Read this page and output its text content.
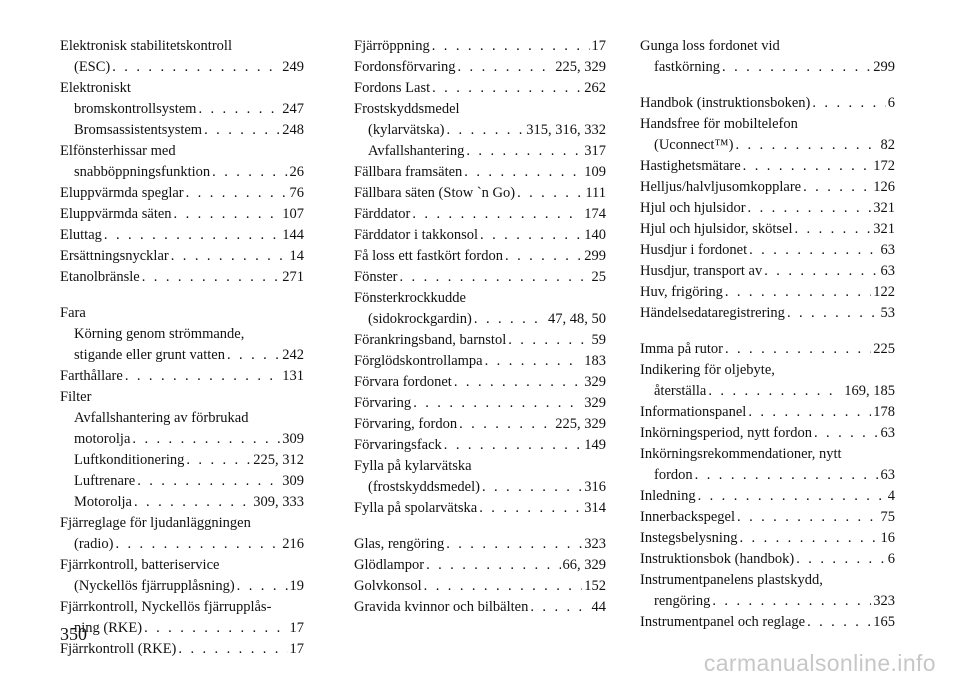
Elektronisk stabilitetskontroll
(ESC) . . .	249
Elektroniskt
bromskontrollsystem . . .	247
Bromsassistentsystem . . .	248
Elfönsterhissar med
snabböppningsfunktion . . .	26
Eluppvärmda speglar . . .	76
Eluppvärmda säten . . .	107
Eluttag . . .	144
Ersättningsnycklar . . .	14
Etanolbränsle . . .	271
Fara
Körning genom strömmande,
stigande eller grunt vatten . . .	242
Farthållare . . .	131
Filter
Avfallshantering av förbrukad
motorolja . . .	309
Luftkonditionering . . .	225, 312
Luftrenare . . .	309
Motorolja . . .	309, 333
Fjärreglage för ljudanläggningen
(radio) . . .	216
Fjärrkontroll, batteriservice
(Nyckellös fjärrupplåsning) . . .	19
Fjärrkontroll, Nyckellös fjärrupplås-
ning (RKE) . . .	17
Fjärrkontroll (RKE) . . .	17
Fjärröppning . . .	17
Fordonsförvaring . . .	225, 329
Fordons Last . . .	262
Frostskyddsmedel
(kylarvätska) . . .	315, 316, 332
Avfallshantering . . .	317
Fällbara framsäten . . .	109
Fällbara säten (Stow `n Go) . . .	111
Färddator . . .	174
Färddator i takkonsol . . .	140
Få loss ett fastkört fordon . . .	299
Fönster . . .	25
Fönsterkrockkudde
(sidokrockgardin) . . .	47, 48, 50
Förankringsband, barnstol . . .	59
Förglödskontrollampa . . .	183
Förvara fordonet . . .	329
Förvaring . . .	329
Förvaring, fordon . . .	225, 329
Förvaringsfack . . .	149
Fylla på kylarvätska
(frostskyddsmedel) . . .	316
Fylla på spolarvätska . . .	314
Glas, rengöring . . .	323
Glödlampor . . .	66, 329
Golvkonsol . . .	152
Gravida kvinnor och bilbälten . . .	44
Gunga loss fordonet vid
fastkörning . . .	299
Handbok (instruktionsboken) . . .	6
Handsfree för mobiltelefon
(Uconnect™) . . .	82
Hastighetsmätare . . .	172
Helljus/halvljusomkopplare . . .	126
Hjul och hjulsidor . . .	321
Hjul och hjulsidor, skötsel . . .	321
Husdjur i fordonet . . .	63
Husdjur, transport av . . .	63
Huv, frigöring . . .	122
Händelsedataregistrering . . .	53
Imma på rutor . . .	225
Indikering för oljebyte,
återställa . . .	169, 185
Informationspanel . . .	178
Inkörningsperiod, nytt fordon . . .	63
Inkörningsrekommendationer, nytt
fordon . . .	63
Inledning . . .	4
Innerbackspegel . . .	75
Instegsbelysning . . .	16
Instruktionsbok (handbok) . . .	6
Instrumentpanelens plastskydd,
rengöring . . .	323
Instrumentpanel och reglage . . .	165
350
carmanualsonline.info
